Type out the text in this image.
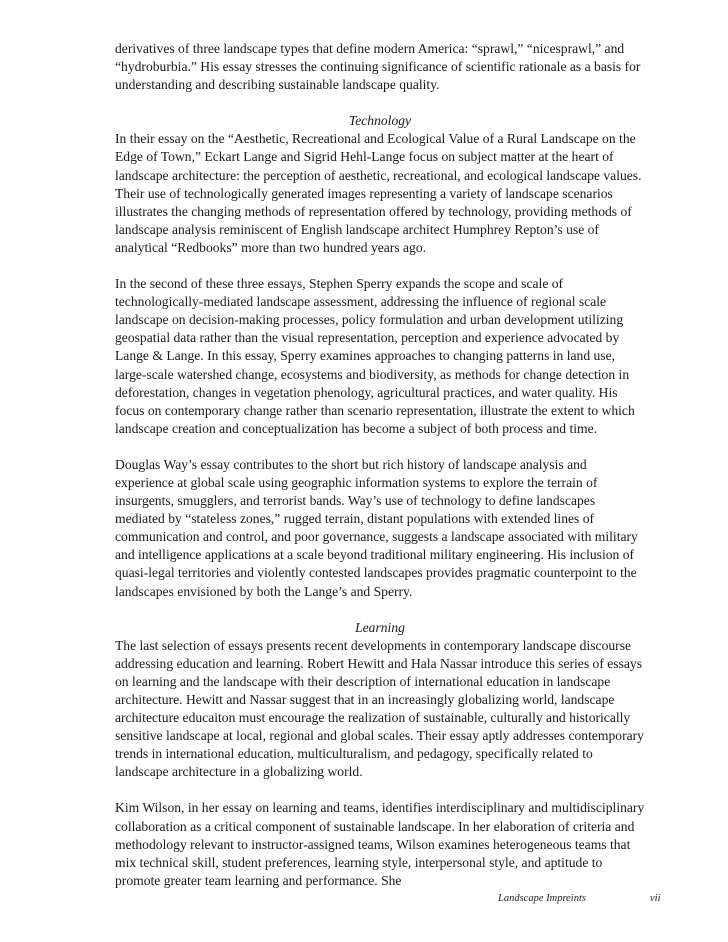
derivatives of three landscape types that define modern America: “sprawl,” “nicesprawl,” and “hydroburbia.” His essay stresses the continuing significance of scientific rationale as a basis for understanding and describing sustainable landscape quality.

Technology

In their essay on the “Aesthetic, Recreational and Ecological Value of a Rural Landscape on the Edge of Town,” Eckart Lange and Sigrid Hehl-Lange focus on subject matter at the heart of landscape architecture: the perception of aesthetic, recreational, and ecological landscape values. Their use of technologically generated images representing a variety of landscape scenarios illustrates the changing methods of representation offered by technology, providing methods of landscape analysis reminiscent of English landscape architect Humphrey Repton’s use of analytical “Redbooks” more than two hundred years ago.

In the second of these three essays, Stephen Sperry expands the scope and scale of technologically-mediated landscape assessment, addressing the influence of regional scale landscape on decision-making processes, policy formulation and urban development utilizing geospatial data rather than the visual representation, perception and experience advocated by Lange & Lange. In this essay, Sperry examines approaches to changing patterns in land use, large-scale watershed change, ecosystems and biodiversity, as methods for change detection in deforestation, changes in vegetation phenology, agricultural practices, and water quality. His focus on contemporary change rather than scenario representation, illustrate the extent to which landscape creation and conceptualization has become a subject of both process and time.

Douglas Way’s essay contributes to the short but rich history of landscape analysis and experience at global scale using geographic information systems to explore the terrain of insurgents, smugglers, and terrorist bands. Way’s use of technology to define landscapes mediated by “stateless zones,” rugged terrain, distant populations with extended lines of communication and control, and poor governance, suggests a landscape associated with military and intelligence applications at a scale beyond traditional military engineering. His inclusion of quasi-legal territories and violently contested landscapes provides pragmatic counterpoint to the landscapes envisioned by both the Lange’s and Sperry.

Learning

The last selection of essays presents recent developments in contemporary landscape discourse addressing education and learning. Robert Hewitt and Hala Nassar introduce this series of essays on learning and the landscape with their description of international education in landscape architecture. Hewitt and Nassar suggest that in an increasingly globalizing world, landscape architecture educaiton must encourage the realization of sustainable, culturally and historically sensitive landscape at local, regional and global scales. Their essay aptly addresses contemporary trends in international education, multiculturalism, and pedagogy, specifically related to landscape architecture in a globalizing world.

Kim Wilson, in her essay on learning and teams, identifies interdisciplinary and multidisciplinary collaboration as a critical component of sustainable landscape. In her elaboration of criteria and methodology relevant to instructor-assigned teams, Wilson examines heterogeneous teams that mix technical skill, student preferences, learning style, interpersonal style, and aptitude to promote greater team learning and performance. She

Landscape Impreints	vii
